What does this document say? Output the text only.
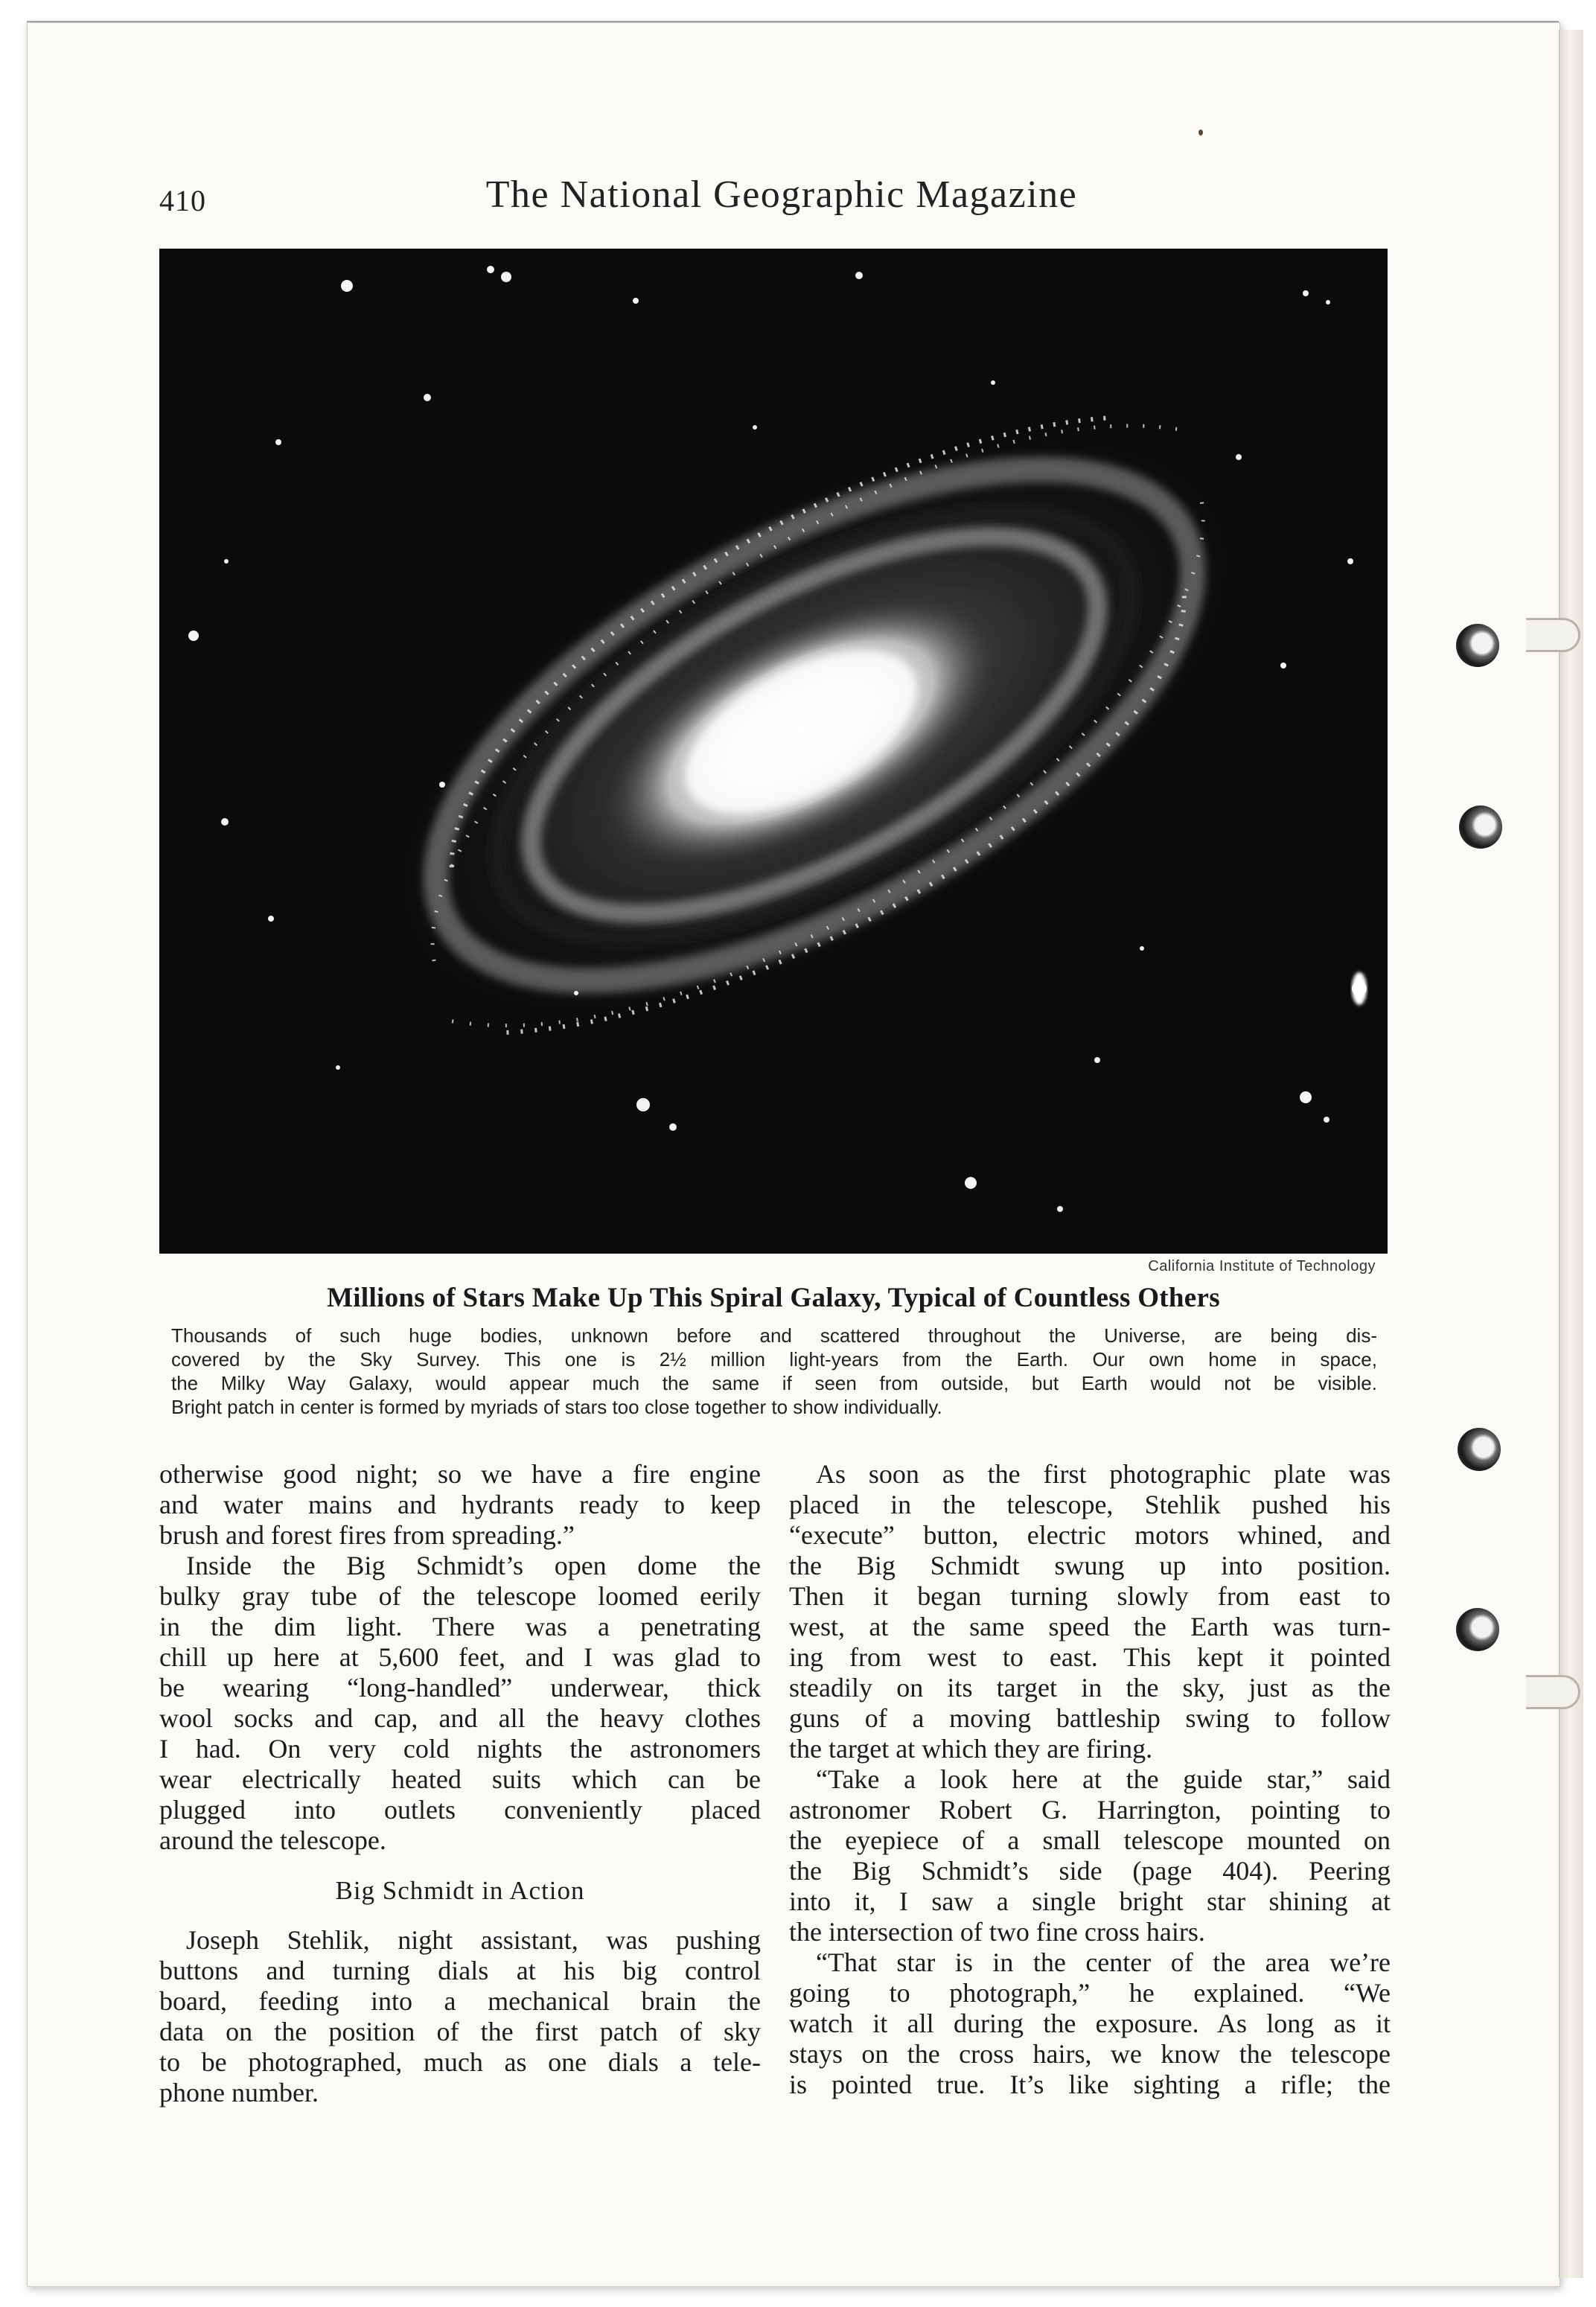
410	The National Geographic Magazine
California Institute of Technology
Millions of Stars Make Up This Spiral Galaxy, Typical of Countless Others
Thousands of such huge bodies, unknown before and scattered throughout the Universe, are being dis-
covered by the Sky Survey. This one is 2½ million light-years from the Earth. Our own home in space,
the Milky Way Galaxy, would appear much the same if seen from outside, but Earth would not be visible.
Bright patch in center is formed by myriads of stars too close together to show individually.
otherwise good night; so we have a fire engine
and water mains and hydrants ready to keep
brush and forest fires from spreading.”
Inside the Big Schmidt’s open dome the
bulky gray tube of the telescope loomed eerily
in the dim light. There was a penetrating
chill up here at 5,600 feet, and I was glad to
be wearing “long-handled” underwear, thick
wool socks and cap, and all the heavy clothes
I had. On very cold nights the astronomers
wear electrically heated suits which can be
plugged into outlets conveniently placed
around the telescope.
Big Schmidt in Action
Joseph Stehlik, night assistant, was pushing
buttons and turning dials at his big control
board, feeding into a mechanical brain the
data on the position of the first patch of sky
to be photographed, much as one dials a tele-
phone number.
As soon as the first photographic plate was
placed in the telescope, Stehlik pushed his
“execute” button, electric motors whined, and
the Big Schmidt swung up into position.
Then it began turning slowly from east to
west, at the same speed the Earth was turn-
ing from west to east. This kept it pointed
steadily on its target in the sky, just as the
guns of a moving battleship swing to follow
the target at which they are firing.
“Take a look here at the guide star,” said
astronomer Robert G. Harrington, pointing to
the eyepiece of a small telescope mounted on
the Big Schmidt’s side (page 404). Peering
into it, I saw a single bright star shining at
the intersection of two fine cross hairs.
“That star is in the center of the area we’re
going to photograph,” he explained. “We
watch it all during the exposure. As long as it
stays on the cross hairs, we know the telescope
is pointed true. It’s like sighting a rifle; the
